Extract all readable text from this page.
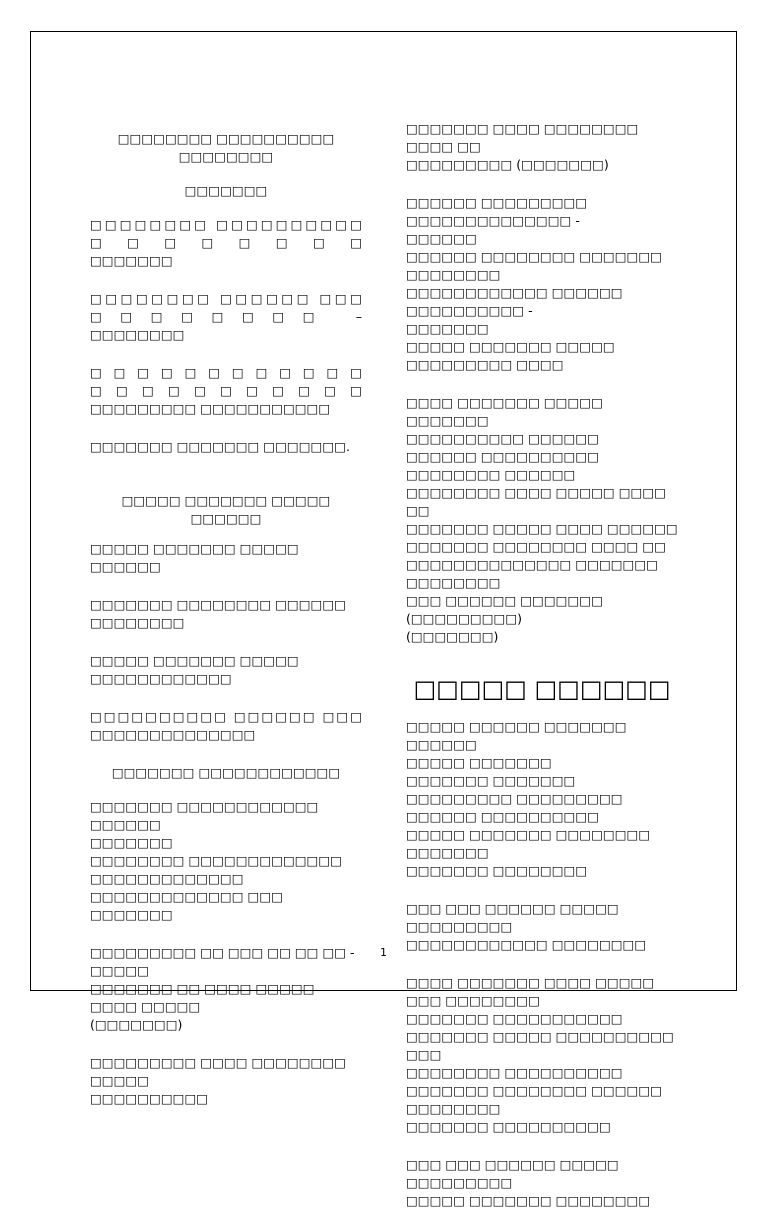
□□□□□□□□ □□□□□□□□□□ □□□□□□□□

□□□□□□□

□□□□□□□□ □□□□□□□□□□ □□□□□□□□

□□□□□□□

□□□□□□□□ □□□□□□ □□□ □□□□□□□□ –

□□□□□□□□

□□□□□□□□□□□□ □□□□□□□□□□□

□□□□□□□□□ □□□□□□□□□□□

□□□□□□□ □□□□□□□ □□□□□□□.

□□□□□ □□□□□□□ □□□□□ □□□□□□

□□□□□ □□□□□□□ □□□□□ □□□□□□

□□□□□□□ □□□□□□□□ □□□□□□ □□□□□□□□

□□□□□ □□□□□□□ □□□□□ □□□□□□□□□□□□

□□□□□□□□□□ □□□□□□ □□□

□□□□□□□□□□□□□□

□□□□□□□ □□□□□□□□□□□□

□□□□□□□ □□□□□□□□□□□□ □□□□□□

□□□□□□□

□□□□□□□□ □□□□□□□□□□□□□

□□□□□□□□□□□□□

□□□□□□□□□□□□□ □□□ □□□□□□□

□□□□□□□□□ □□ □□□ □□ □□ □□ - □□□□□

□□□□□□□ □□ □□□□ □□□□□ □□□□ □□□□□

(□□□□□□□)

□□□□□□□□□ □□□□ □□□□□□□□ □□□□□

□□□□□□□□□□

□□□□□□□ □□□□ □□□□□□□□ □□□□ □□

□□□□□□□□□ (□□□□□□□)

□□□□□□ □□□□□□□□□ □□□□□□□□□□□□□□ -

□□□□□□

□□□□□□ □□□□□□□□ □□□□□□□ □□□□□□□□

□□□□□□□□□□□□ □□□□□□ □□□□□□□□□□ -

□□□□□□□

□□□□□ □□□□□□□ □□□□□ □□□□□□□□□ □□□□

□□□□ □□□□□□□ □□□□□ □□□□□□□

□□□□□□□□□□ □□□□□□

□□□□□□ □□□□□□□□□□ □□□□□□□□ □□□□□□

□□□□□□□□ □□□□ □□□□□ □□□□ □□

□□□□□□□ □□□□□ □□□□ □□□□□□

□□□□□□□ □□□□□□□□ □□□□ □□

□□□□□□□□□□□□□□ □□□□□□□ □□□□□□□□

□□□ □□□□□□ □□□□□□□ (□□□□□□□□□)

(□□□□□□□)

□□□□□ □□□□□□

□□□□□ □□□□□□ □□□□□□□ □□□□□□

□□□□□ □□□□□□□

□□□□□□□ □□□□□□□ □□□□□□□□□ □□□□□□□□□

□□□□□□ □□□□□□□□□□

□□□□□ □□□□□□□ □□□□□□□□ □□□□□□□

□□□□□□□ □□□□□□□□

□□□ □□□ □□□□□□ □□□□□ □□□□□□□□□

□□□□□□□□□□□□ □□□□□□□□

□□□□ □□□□□□□ □□□□ □□□□□ □□□ □□□□□□□□

□□□□□□□ □□□□□□□□□□□

□□□□□□□ □□□□□ □□□□□□□□□□ □□□

□□□□□□□□ □□□□□□□□□□

□□□□□□□ □□□□□□□□ □□□□□□ □□□□□□□□

□□□□□□□ □□□□□□□□□□

□□□ □□□ □□□□□□ □□□□□ □□□□□□□□□

□□□□□ □□□□□□□ □□□□□□□□

1
